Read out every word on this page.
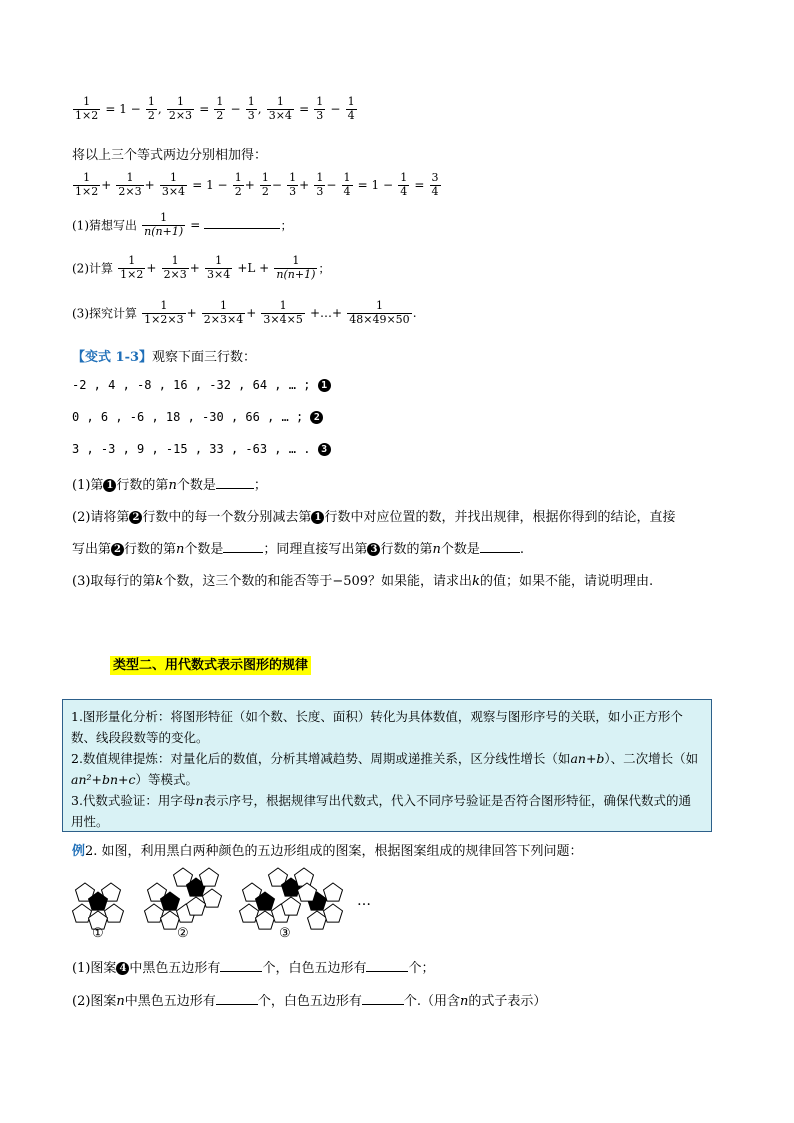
$\frac{1}{1\times 2} = 1 - \frac{1}{2}$ , $\frac{1}{2\times 3} = \frac{1}{2} - \frac{1}{3}$ , $\frac{1}{3\times 4} = \frac{1}{3} - \frac{1}{4}$
将以上三个等式两边分别相加得：
$\frac{1}{1\times 2} + \frac{1}{2\times 3} + \frac{1}{3\times 4} = 1 - \frac{1}{2} + \frac{1}{2} - \frac{1}{3} + \frac{1}{3} - \frac{1}{4} = 1 - \frac{1}{4} = \frac{3}{4}$
(1)猜想写出 $\frac{1}{n(n+1)}$ =	；
(2)计算 $\frac{1}{1\times 2} + \frac{1}{2\times 3} + \frac{1}{3\times 4} +L + \frac{1}{n(n+1)}$ ；
(3)探究计算 $\frac{1}{1\times 2\times 3} + \frac{1}{2\times 3\times 4} + \frac{1}{3\times 4\times 5}$ +…+ $\frac{1}{48\times 49\times 50}$ .
【变式 1-3】观察下面三行数：
-2 , 4 , -8 , 16 , -32 , 64 , … ; 1
0 , 6 , -6 , 18 , -30 , 66 , … ; 2
3 , -3 , 9 , -15 , 33 , -63 , … . 3
(1)第 1 行数的第n个数是	；
(2)请将第 2 行数中的每一个数分别减去第 1 行数中对应位置的数，并找出规律，根据你得到的结论，直接
写出第 2 行数的第n个数是	；同理直接写出第 3 行数的第n个数是	.
(3)取每行的第k个数，这三个数的和能否等于−509？如果能，请求出k的值；如果不能，请说明理由.
类型二、用代数式表示图形的规律

1.图形量化分析：将图形特征（如个数、长度、面积）转化为具体数值，观察与图形序号的关联，如小正方形个数、线段段数等的变化。

2.数值规律提炼：对量化后的数值，分析其增减趋势、周期或递推关系，区分线性增长（如an+b）、二次增长（如an²+bn+c）等模式。

3.代数式验证：用字母n表示序号，根据规律写出代数式，代入不同序号验证是否符合图形特征，确保代数式的通用性。

例2. 如图，利用黑白两种颜色的五边形组成的图案，根据图案组成的规律回答下列问题：
…
①	②	③
(1)图案 4 中黑色五边形有	个，白色五边形有	个；
(2)图案n中黑色五边形有	个，白色五边形有	个.（用含n的式子表示）
